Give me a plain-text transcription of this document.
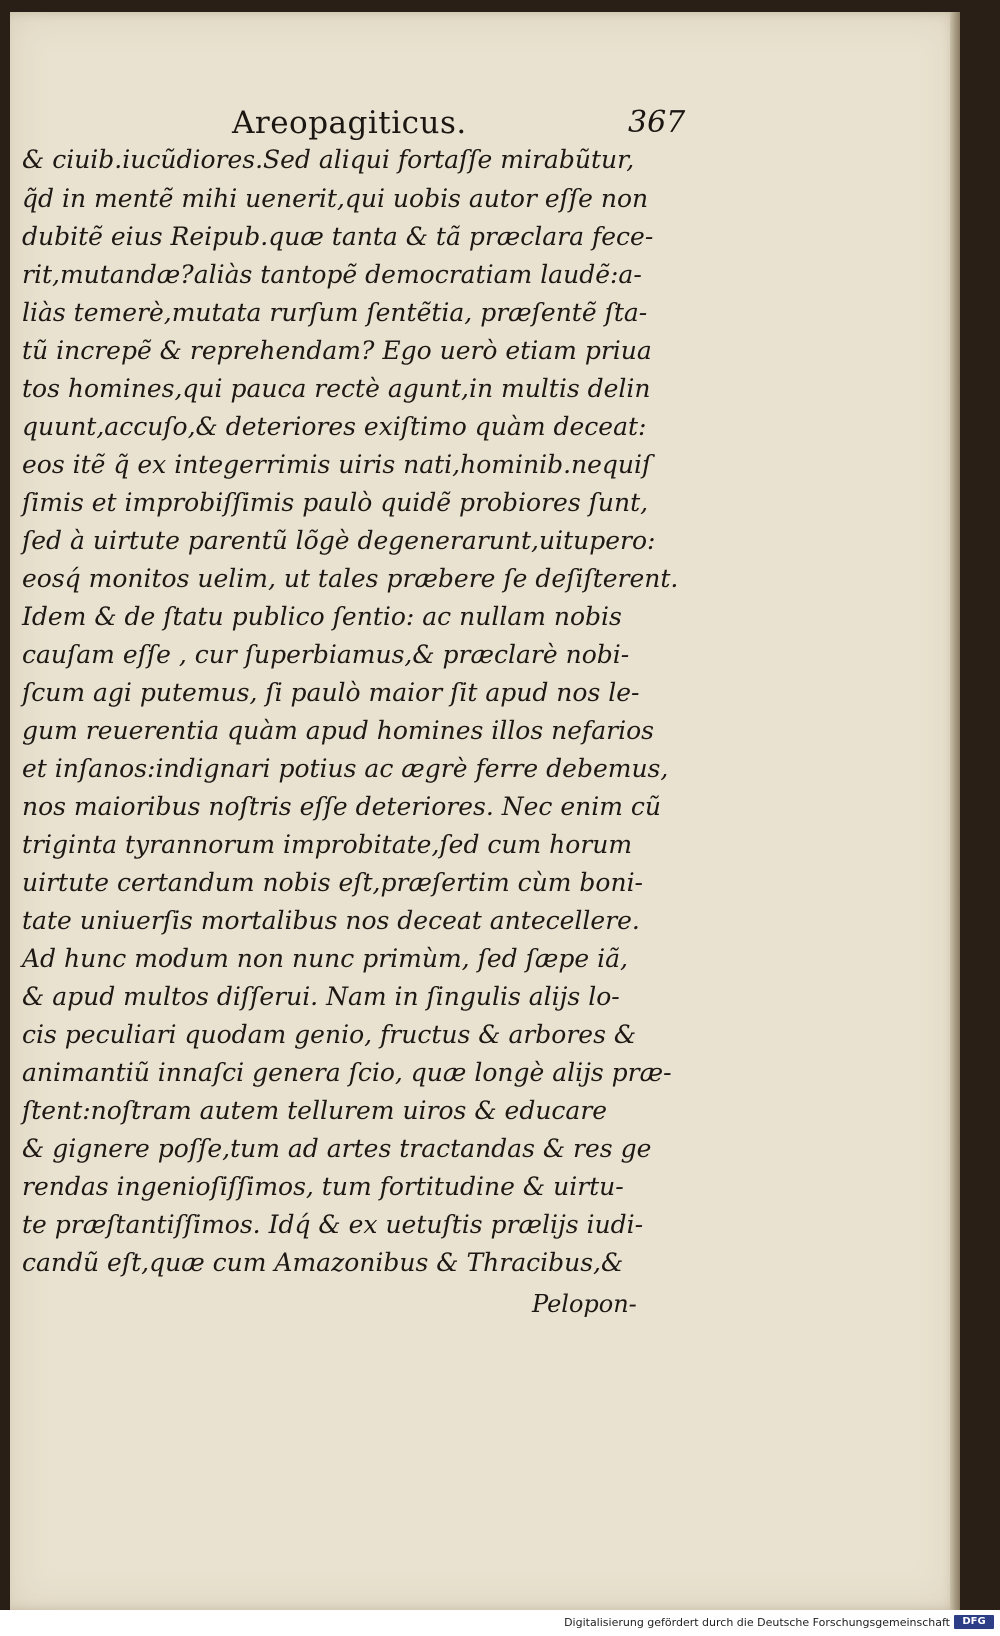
Areopagiticus.	367
& ciuib.iucũdiores.Sed aliqui fortaſſe mirabũtur,
q̃d in mentẽ mihi uenerit,qui uobis autor eſſe non
dubitẽ eius Reipub.quæ tanta & tã præclara fece-
rit,mutandæ?aliàs tantopẽ democratiam laudẽ:a-
liàs temerè,mutata rurſum ſentẽtia, præſentẽ ſta-
tũ increpẽ & reprehendam? Ego uerò etiam priua
tos homines,qui pauca rectè agunt,in multis delin
quunt,accuſo,& deteriores exiſtimo quàm deceat:
eos itẽ q̃ ex integerrimis uiris nati,hominib.nequiſ
ſimis et improbiſſimis paulò quidẽ probiores ſunt,
ſed à uirtute parentũ lõgè degenerarunt,uitupero:
eosq́ monitos uelim, ut tales præbere ſe deſiſterent.
Idem & de ſtatu publico ſentio: ac nullam nobis
cauſam eſſe , cur ſuperbiamus,& præclarè nobi-
ſcum agi putemus, ſi paulò maior ſit apud nos le-
gum reuerentia quàm apud homines illos nefarios
et inſanos:indignari potius ac ægrè ferre debemus,
nos maioribus noſtris eſſe deteriores. Nec enim cũ
triginta tyrannorum improbitate,ſed cum horum
uirtute certandum nobis eſt,præſertim cùm boni-
tate uniuerſis mortalibus nos deceat antecellere.
Ad hunc modum non nunc primùm, ſed ſæpe iã,
& apud multos diſſerui. Nam in ſingulis alijs lo-
cis peculiari quodam genio, fructus & arbores &
animantiũ innaſci genera ſcio, quæ longè alijs præ-
ſtent:noſtram autem tellurem uiros & educare
& gignere poſſe,tum ad artes tractandas & res ge
rendas ingenioſiſſimos, tum fortitudine & uirtu-
te præſtantiſſimos. Idq́ & ex uetuſtis prælijs iudi-
candũ eſt,quæ cum Amazonibus & Thracibus,&
Pelopon-
Digitalisierung gefördert durch die Deutsche Forschungsgemeinschaft	DFG
